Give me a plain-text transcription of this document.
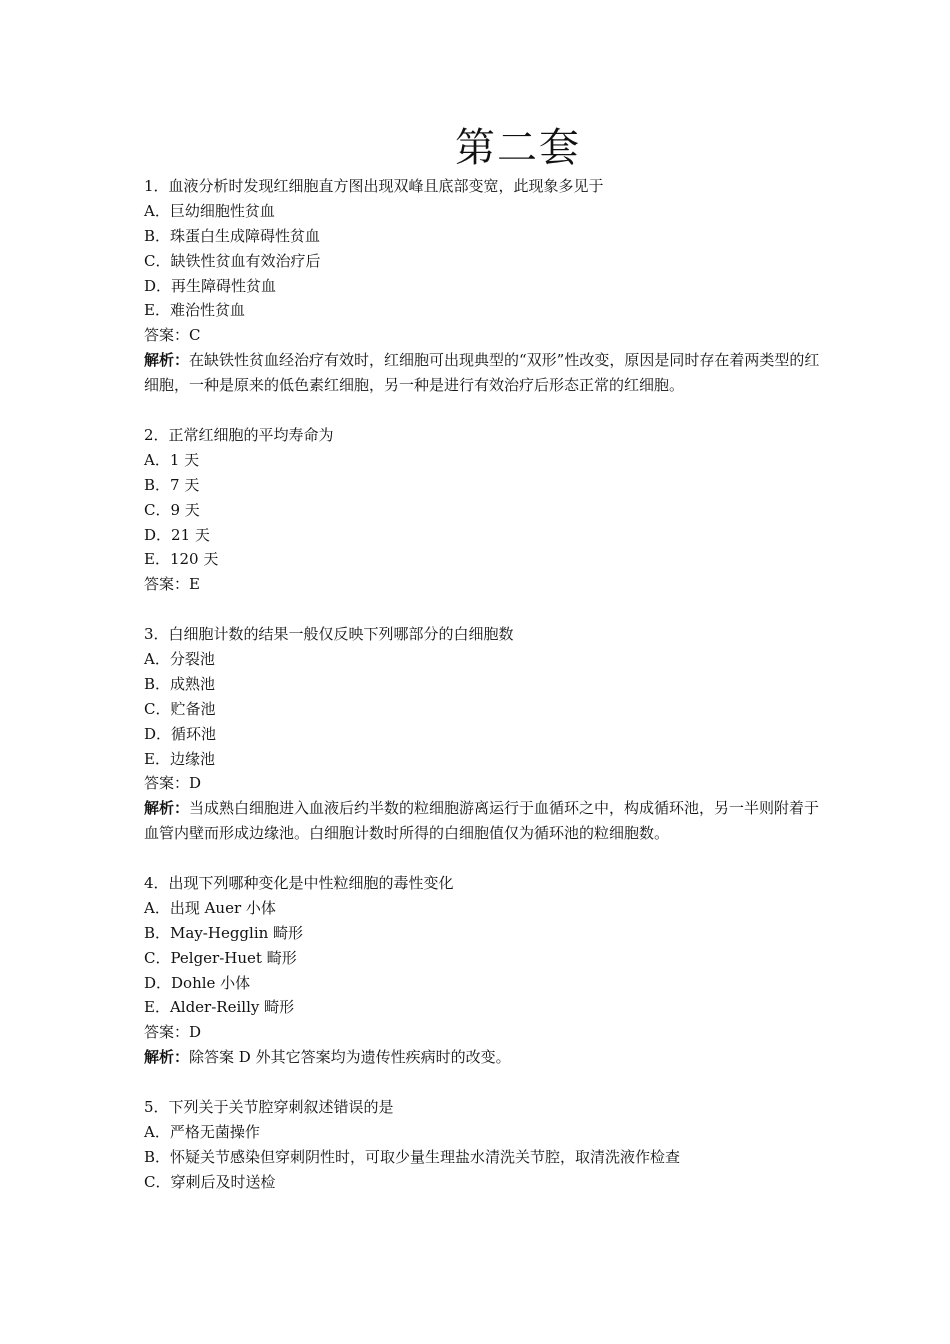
第二套
1．血液分析时发现红细胞直方图出现双峰且底部变宽，此现象多见于
A．巨幼细胞性贫血
B．珠蛋白生成障碍性贫血
C．缺铁性贫血有效治疗后
D．再生障碍性贫血
E．难治性贫血
答案：C
解析：在缺铁性贫血经治疗有效时，红细胞可出现典型的“双形”性改变，原因是同时存在着两类型的红细胞，一种是原来的低色素红细胞，另一种是进行有效治疗后形态正常的红细胞。
2．正常红细胞的平均寿命为
A．1 天
B．7 天
C．9 天
D．21 天
E．120 天
答案：E
3．白细胞计数的结果一般仅反映下列哪部分的白细胞数
A．分裂池
B．成熟池
C．贮备池
D．循环池
E．边缘池
答案：D
解析：当成熟白细胞进入血液后约半数的粒细胞游离运行于血循环之中，构成循环池，另一半则附着于血管内壁而形成边缘池。白细胞计数时所得的白细胞值仅为循环池的粒细胞数。
4．出现下列哪种变化是中性粒细胞的毒性变化
A．出现 Auer 小体
B．May-Hegglin 畸形
C．Pelger-Huet 畸形
D．Dohle 小体
E．Alder-Reilly 畸形
答案：D
解析：除答案 D 外其它答案均为遗传性疾病时的改变。
5．下列关于关节腔穿刺叙述错误的是
A．严格无菌操作
B．怀疑关节感染但穿刺阴性时，可取少量生理盐水清洗关节腔，取清洗液作检查
C．穿刺后及时送检
